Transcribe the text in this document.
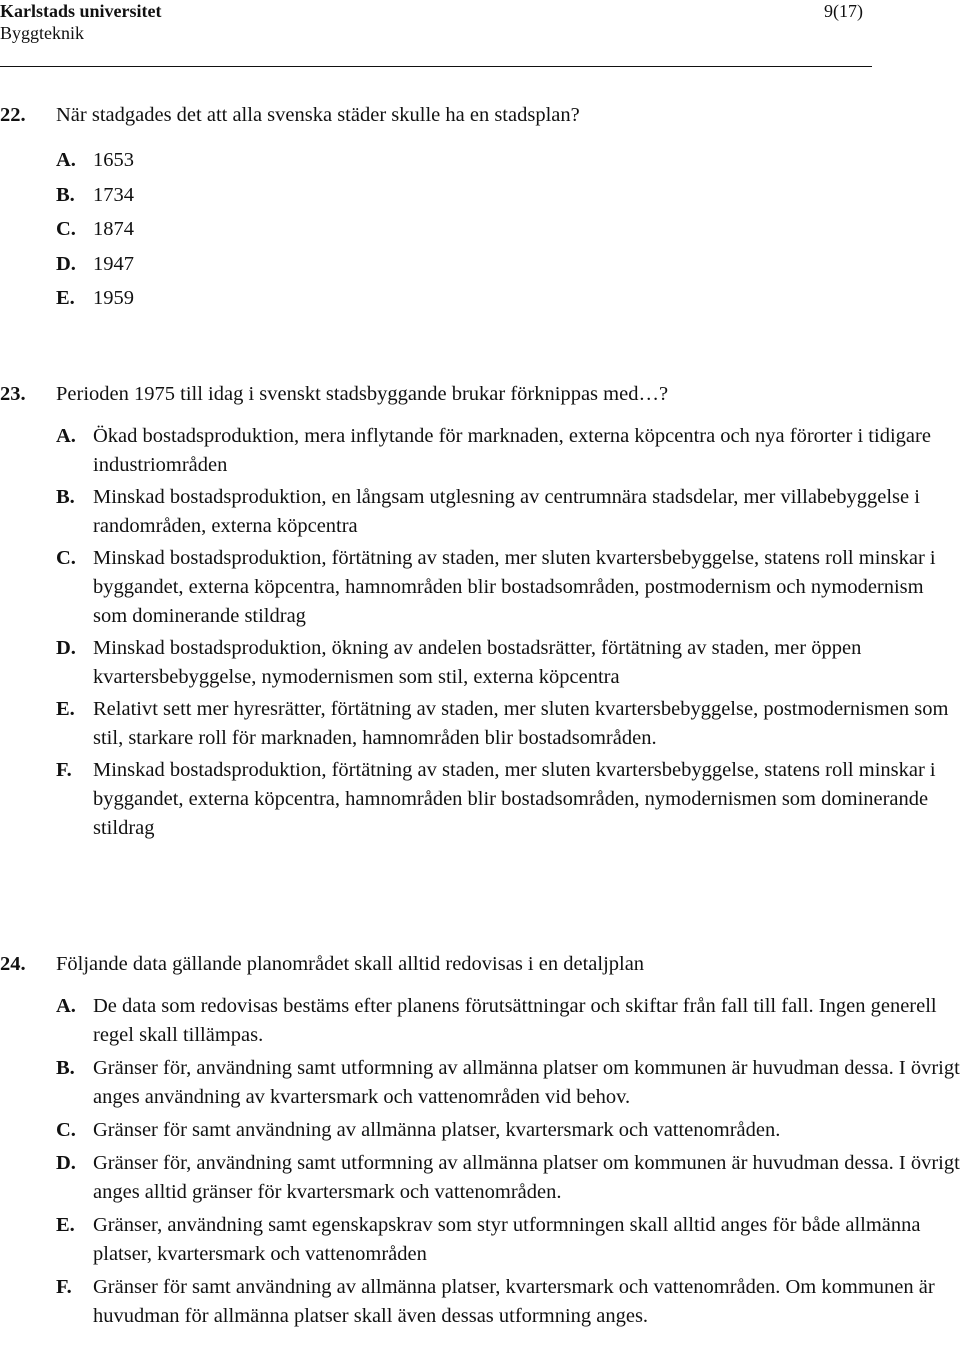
Karlstads universitet
Byggteknik
9(17)
22.	När stadgades det att alla svenska städer skulle ha en stadsplan?
A. 1653
B. 1734
C. 1874
D. 1947
E. 1959
23.	Perioden 1975 till idag i svenskt stadsbyggande brukar förknippas med…?
A. Ökad bostadsproduktion, mera inflytande för marknaden, externa köpcentra och nya förorter i tidigare industriområden
B. Minskad bostadsproduktion, en långsam utglesning av centrumnära stadsdelar, mer villabebyggelse i randområden, externa köpcentra
C. Minskad bostadsproduktion, förtätning av staden, mer sluten kvartersbebyggelse, statens roll minskar i byggandet, externa köpcentra, hamnområden blir bostadsområden, postmodernism och nymodernism som dominerande stildrag
D. Minskad bostadsproduktion, ökning av andelen bostadsrätter, förtätning av staden, mer öppen kvartersbebyggelse, nymodernismen som stil, externa köpcentra
E. Relativt sett mer hyresrätter, förtätning av staden, mer sluten kvartersbebyggelse, postmodernismen som stil, starkare roll för marknaden, hamnområden blir bostadsområden.
F.	Minskad bostadsproduktion, förtätning av staden, mer sluten kvartersbebyggelse, statens roll minskar i byggandet, externa köpcentra, hamnområden blir bostadsområden, nymodernismen som dominerande stildrag
24.	Följande data gällande planområdet skall alltid redovisas i en detaljplan
A. De data som redovisas bestäms efter planens förutsättningar och skiftar från fall till fall. Ingen generell regel skall tillämpas.
B. Gränser för, användning samt utformning av allmänna platser om kommunen är huvudman dessa. I övrigt anges användning av kvartersmark och vattenområden vid behov.
C. Gränser för samt användning av allmänna platser, kvartersmark och vattenområden.
D. Gränser för, användning samt utformning av allmänna platser om kommunen är huvudman dessa. I övrigt anges alltid gränser för kvartersmark och vattenområden.
E. Gränser, användning samt egenskapskrav som styr utformningen skall alltid anges för både allmänna platser, kvartersmark och vattenområden
F.	Gränser för samt användning av allmänna platser, kvartersmark och vattenområden. Om kommunen är huvudman för allmänna platser skall även dessas utformning anges.
